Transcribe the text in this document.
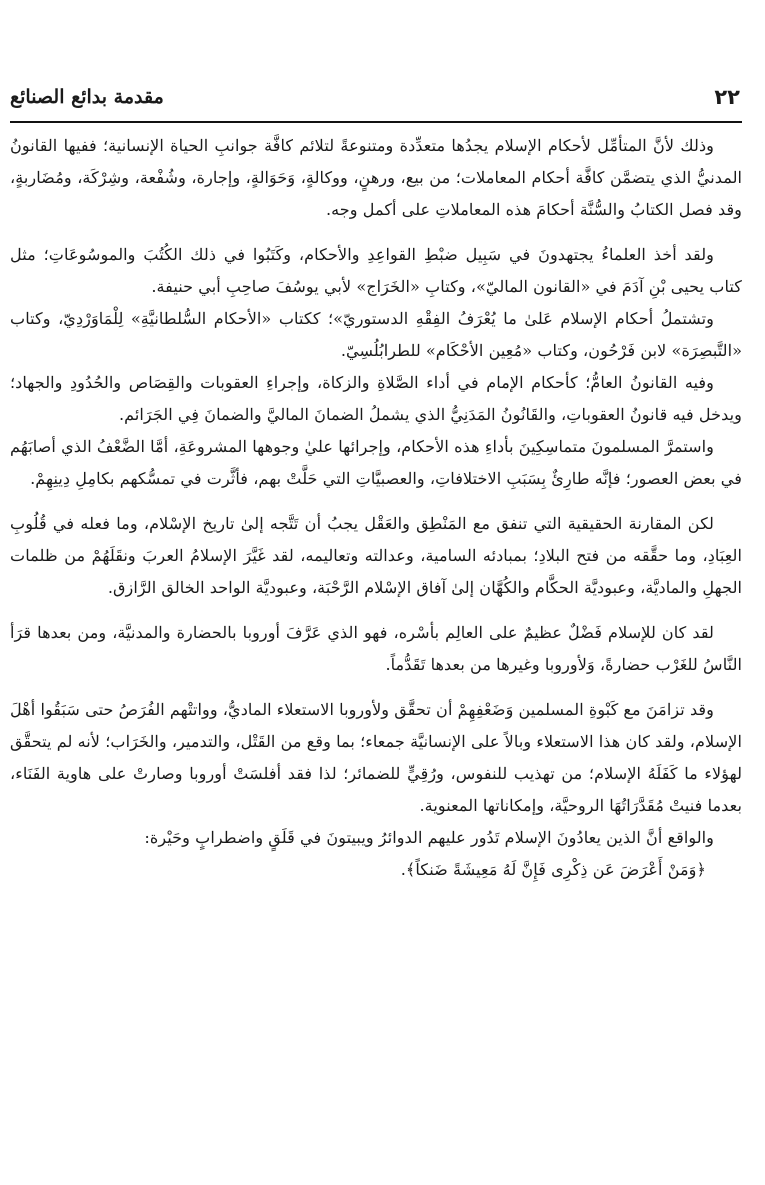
٢٢
مقدمة بدائع الصنائع

وذلك لأنَّ المتأمِّل لأحكام الإسلام يجدُها متعدِّدة ومتنوعةً لتلائم كافَّة جوانبِ الحياة الإنسانية؛ ففيها القانونُ المدنيُّ الذي يتضمَّن كافَّة أحكام المعاملات؛ من بيع، ورهنٍ، ووكالةٍ، وَحَوَالةٍ، وإجارة، وشُفْعة، وشِرْكَة، ومُضَاربةٍ، وقد فصل الكتابُ والسُّنَّة أحكامَ هذه المعاملاتِ على أكمل وجه.

ولقد أخذ العلماءُ يجتهدونَ في سَبِيل ضبْطِ القواعِدِ والأحكام، وكَتَبُوا في ذلك الكُتُبَ والموسُوعَاتِ؛ مثل كتاب يحيى بْنِ آدَمَ في «القانون الماليّ»، وكتابِ «الخَرَاج» لأبي يوسُفَ صاحِبِ أبي حنيفة.

وتشتملُ أحكام الإسلام عَلىٰ ما يُعْرَفُ الفِقْهِ الدستوريّ»؛ ككتاب «الأحكام السُّلطانيَّةِ» لِلْمَاوَرْدِيّ، وكتاب «التَّبصِرَة» لابن فَرْحُون، وكتاب «مُعِين الأحْكَام» للطرابُلُسِيّ.

وفيه القانونُ العامُّ؛ كأحكام الإمام في أداء الصَّلاةِ والزكاة، وإجراءِ العقوبات والقِصَاص والحُدُودِ والجهاد؛ ويدخل فيه قانونُ العقوباتِ، والقَانُونُ المَدَنِيُّ الذي يشملُ الضمانَ الماليَّ والضمانَ فِي الجَرَائم.

واستمرَّ المسلمونَ متماسِكِينَ بأداءِ هذه الأحكام، وإجرائها عليٰ وجوهها المشروعَةِ، أمَّا الضَّعْفُ الذي أصابَهُم في بعض العصور؛ فإنَّه طارِئٌ بِسَبَبِ الاختلافاتِ، والعصبيَّاتِ التي حَلَّتْ بهم، فأثَّرت في تمسُّكهم بكامِلِ دِينِهِمْ.

لكن المقارنة الحقيقية التي تنفق مع المَنْطِق والعَقْل يجبُ أن تَتَّجه إلىٰ تاريخ الإسْلام، وما فعله في قُلُوبِ العِبَادِ، وما حقَّقه من فتح البلادِ؛ بمبادئه السامية، وعدالته وتعاليمه، لقد غَيَّرَ الإسلامُ العربَ ونقَلَهُمْ من ظلمات الجهلِ والماديَّة، وعبوديَّة الحكَّام والكُهَّان إلىٰ آفاق الإسْلام الرَّحْبَة، وعبوديَّة الواحد الخالق الرَّازق.

لقد كان للإسلام فَضْلٌ عظيمٌ على العالِم بأسْره، فهو الذي عَرَّفَ أوروبا بالحضارة والمدنيَّة، ومن بعدها قرَأ النَّاسُ للغَرْب حضارةً، وَلأوروبا وغيرها من بعدها تَقَدُّماً.

وقد تزامَنَ مع كَبْوةِ المسلمين وَضَعْفِهِمْ أن تحقَّق ولأوروبا الاستعلاء الماديُّ، وواتتْهم الفُرَصُ حتى سَبَقُوا أهْلَ الإسلام، ولقد كان هذا الاستعلاء وبالاً على الإنسانيَّة جمعاء؛ بما وقع من القَتْل، والتدمير، والخَرَاب؛ لأنه لم يتحقَّق لهؤلاء ما كَفَلَهُ الإسلام؛ من تهذيب للنفوس، ورُقِيٍّ للضمائر؛ لذا فقد أفلسَتْ أوروبا وصارتْ على هاوية الفَنَاء، بعدما فنيتْ مُقَدَّرَاتُهَا الروحيَّة، وإمكاناتها المعنوية.

والواقع أنَّ الذين يعادُونَ الإسلام تَدُور عليهم الدوائرُ ويبيتونَ في قَلَقٍ واضطرابٍ وحَيْرة:

﴿وَمَنْ أَعْرَضَ عَن ذِكْرِى فَإِنَّ لَهُ مَعِيشَةً ضَنكاً﴾.
